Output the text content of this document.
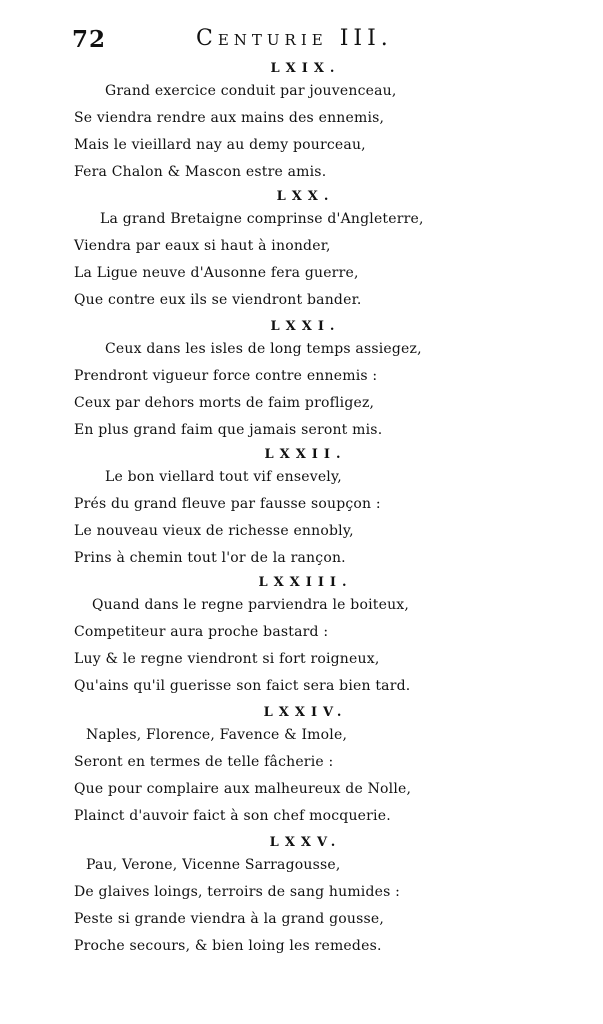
72	Centurie III.
LXIX.
Grand exercice conduit par jouvenceau,
Se viendra rendre aux mains des ennemis,
Mais le vieillard nay au demy pourceau,
Fera Chalon & Mascon estre amis.
LXX.
La grand Bretaigne comprinse d'Angleterre,
Viendra par eaux si haut à inonder,
La Ligue neuve d'Ausonne fera guerre,
Que contre eux ils se viendront bander.
LXXI.
Ceux dans les isles de long temps assiegez,
Prendront vigueur force contre ennemis :
Ceux par dehors morts de faim profligez,
En plus grand faim que jamais seront mis.
LXXII.
Le bon viellard tout vif ensevely,
Prés du grand fleuve par fausse soupçon :
Le nouveau vieux de richesse ennobly,
Prins à chemin tout l'or de la rançon.
LXXIII.
Quand dans le regne parviendra le boiteux,
Competiteur aura proche bastard :
Luy & le regne viendront si fort roigneux,
Qu'ains qu'il guerisse son faict sera bien tard.
LXXIV.
Naples, Florence, Favence & Imole,
Seront en termes de telle fâcherie :
Que pour complaire aux malheureux de Nolle,
Plainct d'auvoir faict à son chef mocquerie.
LXXV.
Pau, Verone, Vicenne Sarragousse,
De glaives loings, terroirs de sang humides :
Peste si grande viendra à la grand gousse,
Proche secours, & bien loing les remedes.
